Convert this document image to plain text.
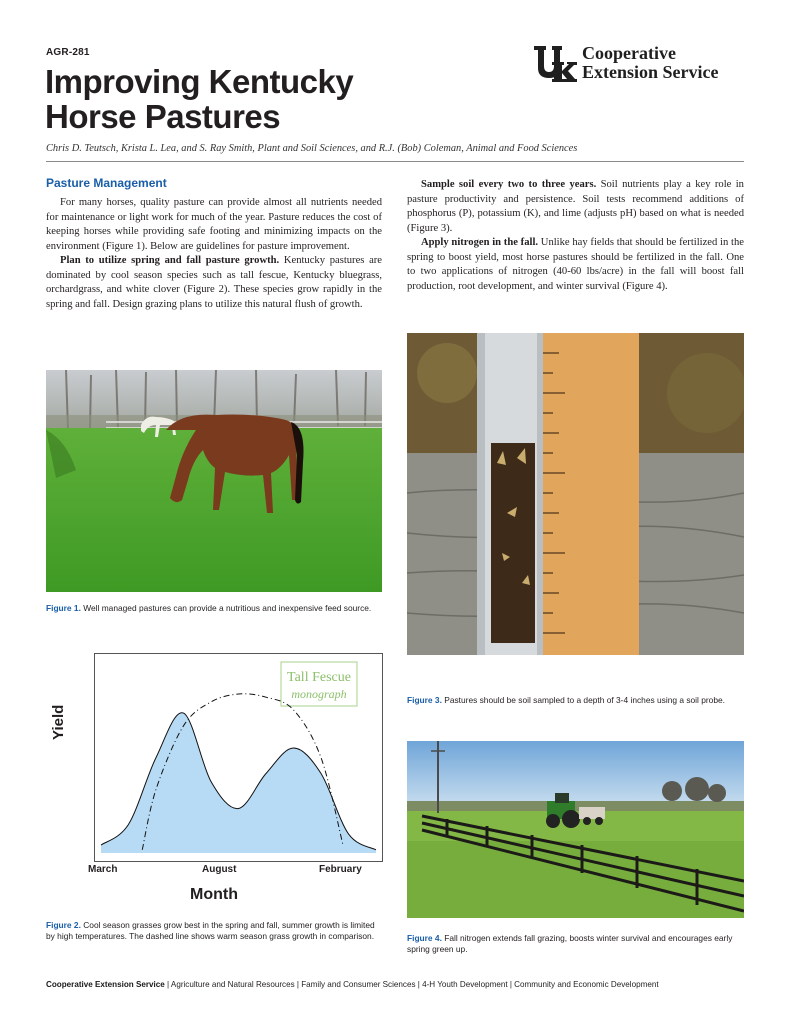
AGR-281
Improving Kentucky
Horse Pastures
Cooperative
Extension Service
Chris D. Teutsch, Krista L. Lea, and S. Ray Smith, Plant and Soil Sciences, and R.J. (Bob) Coleman, Animal and Food Sciences
Pasture Management

For many horses, quality pasture can provide almost all nutrients needed for maintenance or light work for much of the year. Pasture reduces the cost of keeping horses while providing safe footing and minimizing impacts on the environment (Figure 1). Below are guidelines for pasture improvement.

Plan to utilize spring and fall pasture growth. Kentucky pastures are dominated by cool season species such as tall fescue, Kentucky bluegrass, orchardgrass, and white clover (Figure 2). These species grow rapidly in the spring and fall. Design grazing plans to utilize this natural flush of growth.

Figure 1. Well managed pastures can provide a nutritious and inexpensive feed source.
Yield
Tall Fescue
monograph
March	August	February
Month
Figure 2. Cool season grasses grow best in the spring and fall, summer growth is limited by high temperatures. The dashed line shows warm season grass growth in comparison.

Sample soil every two to three years. Soil nutrients play a key role in pasture productivity and persistence. Soil tests recommend additions of phosphorus (P), potassium (K), and lime (adjusts pH) based on what is needed (Figure 3).

Apply nitrogen in the fall. Unlike hay fields that should be fertilized in the spring to boost yield, most horse pastures should be fertilized in the fall. One to two applications of nitrogen (40-60 lbs/acre) in the fall will boost fall production, root development, and winter survival (Figure 4).

Figure 3. Pastures should be soil sampled to a depth of 3-4 inches using a soil probe.
Figure 4. Fall nitrogen extends fall grazing, boosts winter survival and encourages early spring green up.
Cooperative Extension Service | Agriculture and Natural Resources | Family and Consumer Sciences | 4-H Youth Development | Community and Economic Development
